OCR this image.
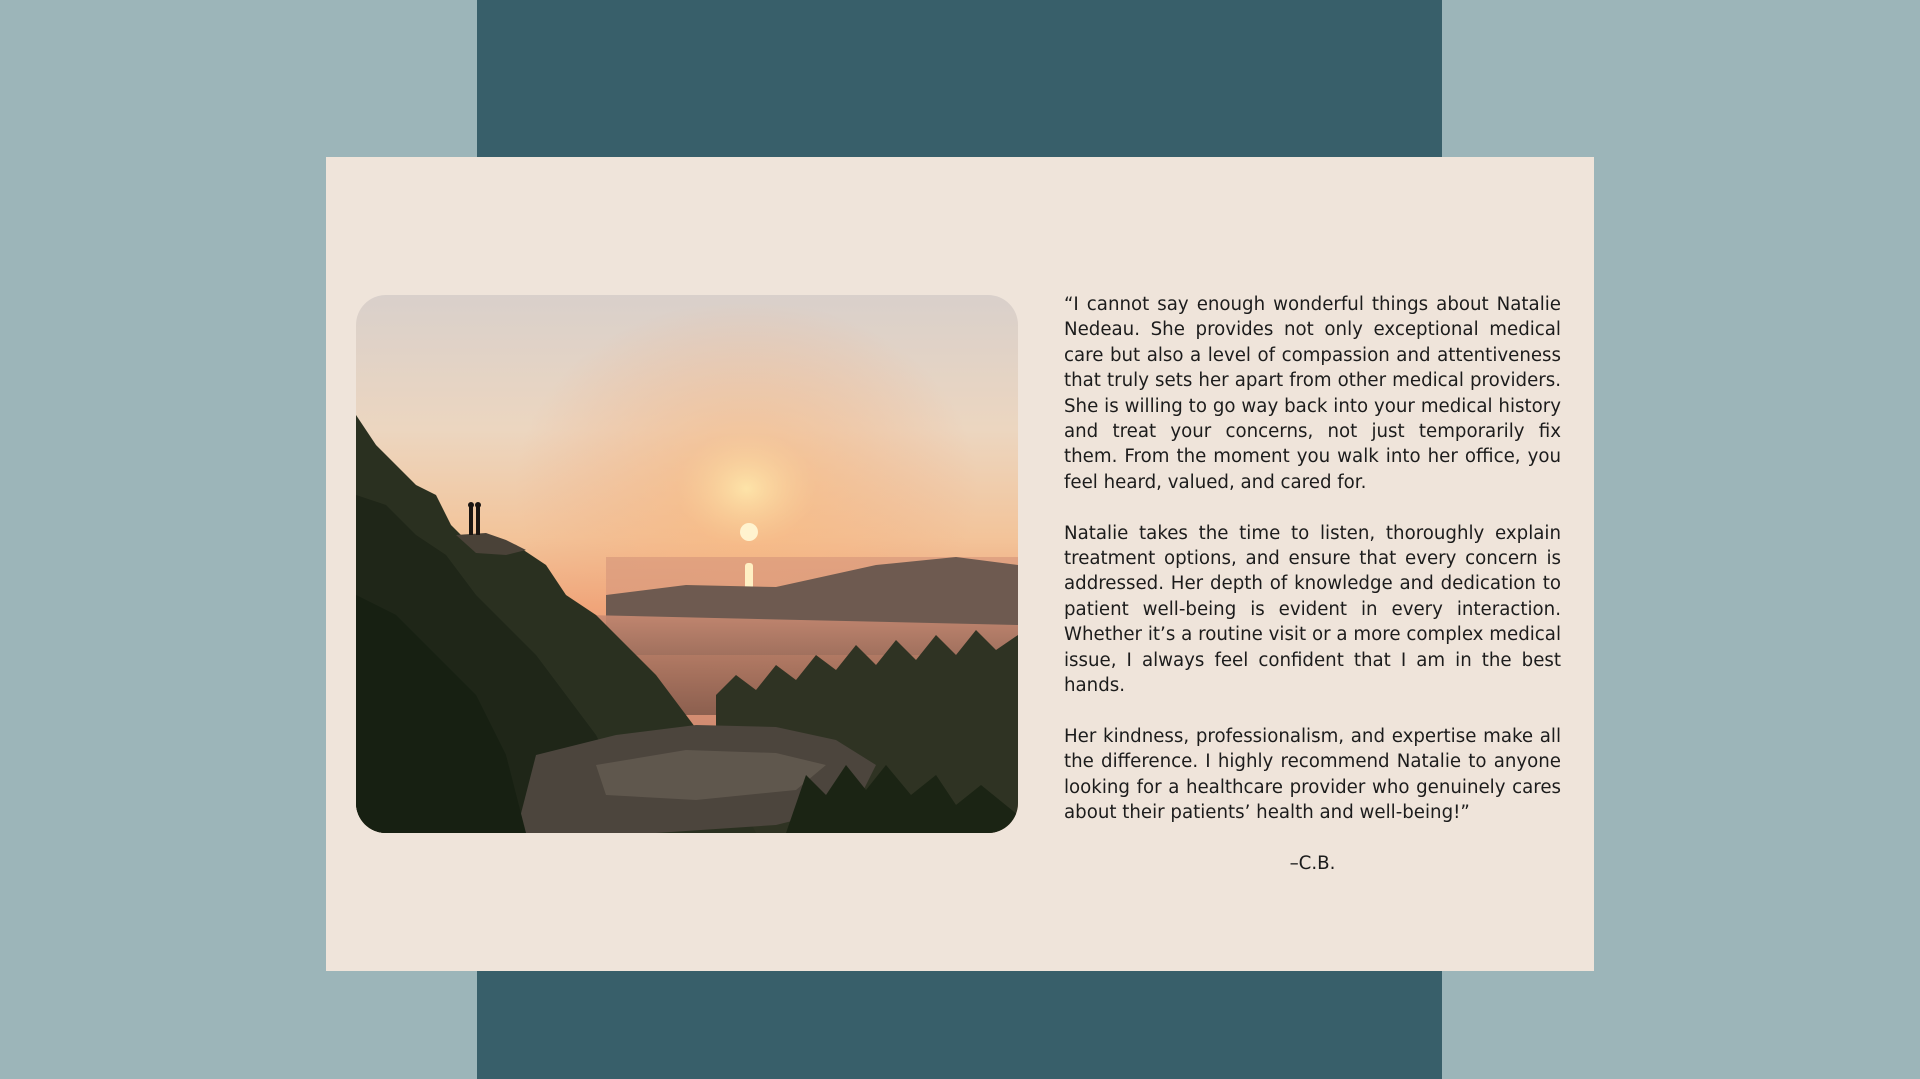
“I cannot say enough wonderful things about Natalie Nedeau. She provides not only exceptional medical care but also a level of compassion and attentiveness that truly sets her apart from other medical providers. She is willing to go way back into your medical history and treat your concerns, not just temporarily fix them. From the moment you walk into her office, you feel heard, valued, and cared for.

Natalie takes the time to listen, thoroughly explain treatment options, and ensure that every concern is addressed. Her depth of knowledge and dedication to patient well-being is evident in every interaction. Whether it’s a routine visit or a more complex medical issue, I always feel confident that I am in the best hands.

Her kindness, professionalism, and expertise make all the difference. I highly recommend Natalie to anyone looking for a healthcare provider who genuinely cares about their patients’ health and well-being!”

–C.B.
